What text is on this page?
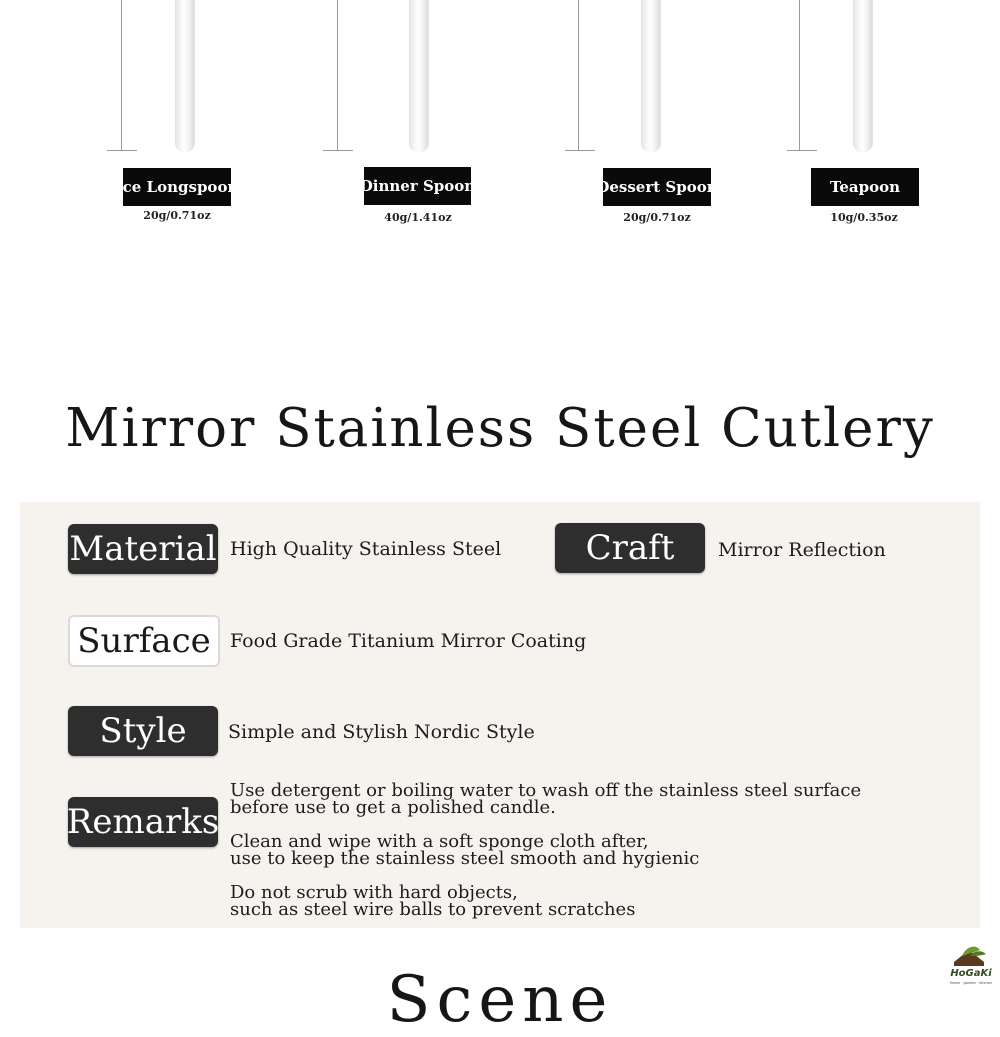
Ice Longspoon
20g/0.71oz
Dinner Spoon
40g/1.41oz
Dessert Spoon
20g/0.71oz
Teapoon
10g/0.35oz
Mirror Stainless Steel Cutlery
Material High Quality Stainless Steel	Craft	Mirror Reflection
Surface	Food Grade Titanium Mirror Coating
Style	Simple and Stylish Nordic Style
Remarks

Use detergent or boiling water to wash off the stainless steel surface
before use to get a polished candle.

Clean and wipe with a soft sponge cloth after,
use to keep the stainless steel smooth and hygienic

Do not scrub with hard objects,
such as steel wire balls to prevent scratches

Scene	HoGaKi
Home · garden · kitchen
